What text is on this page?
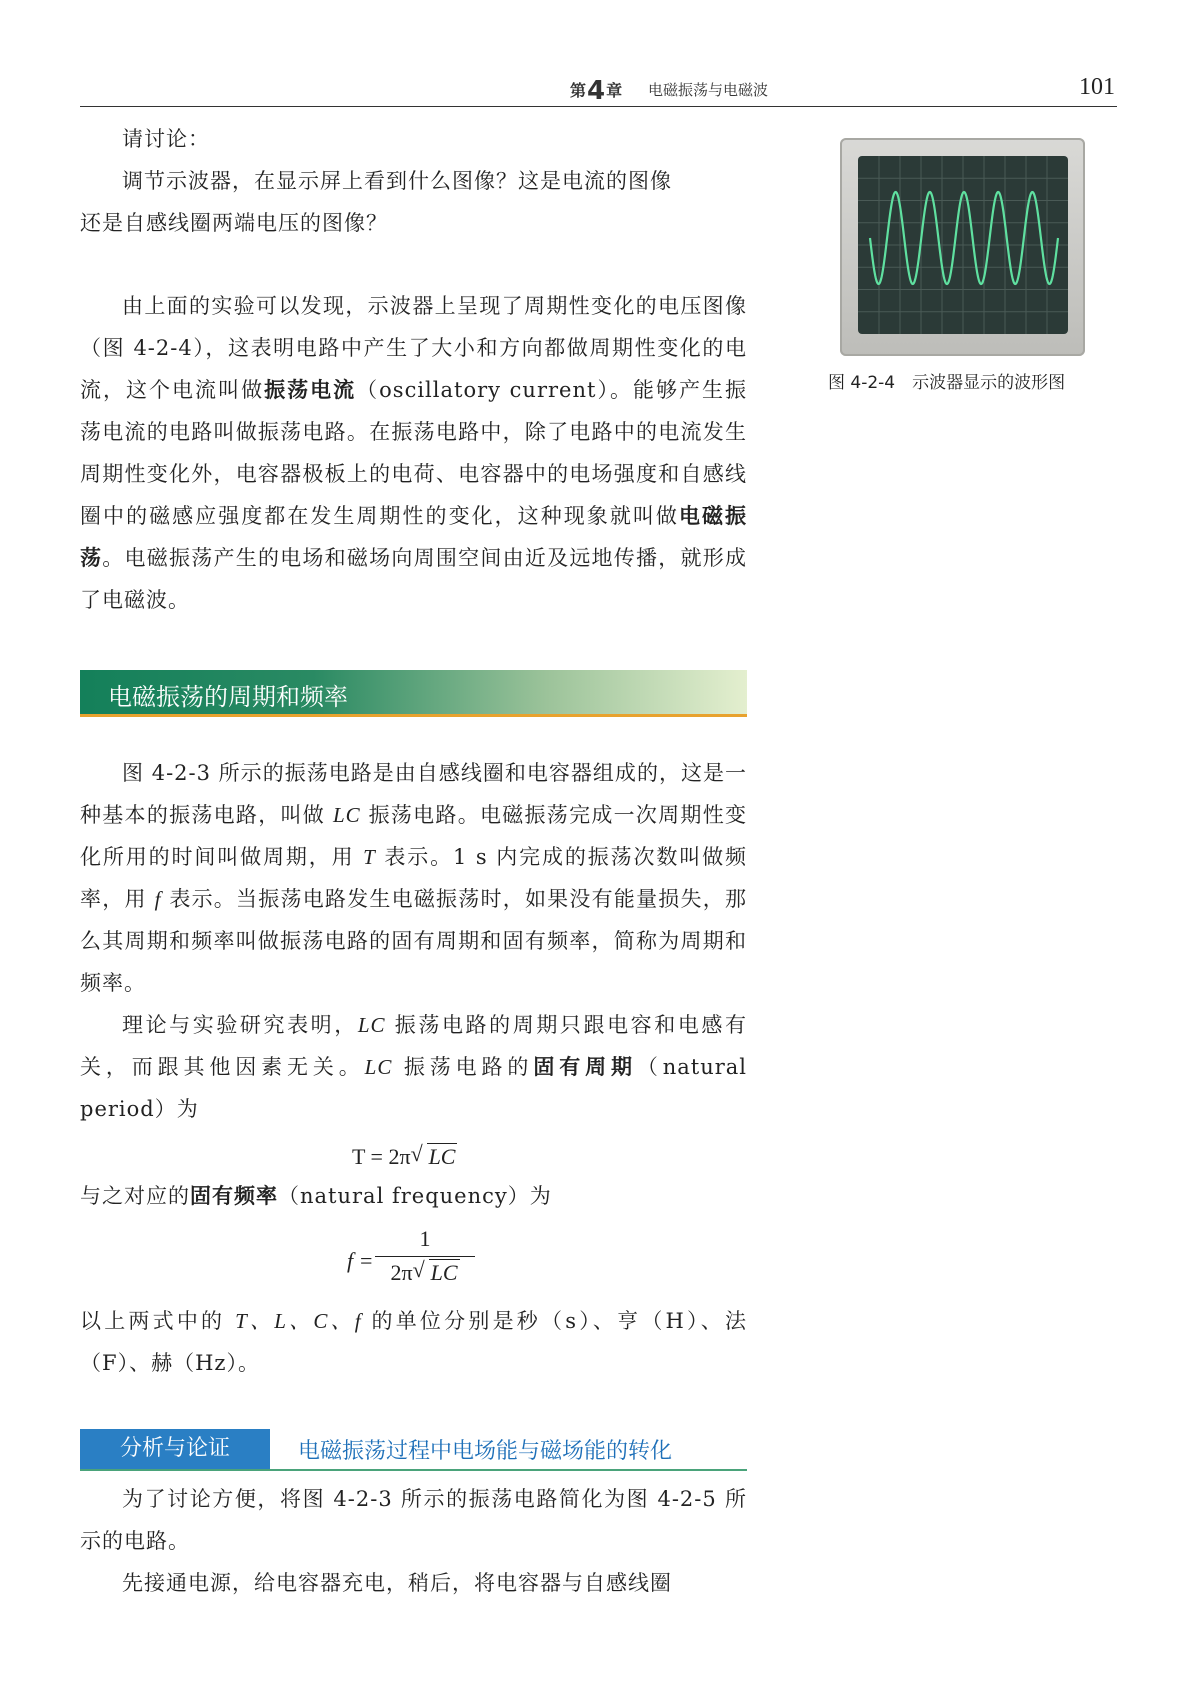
第4章 电磁振荡与电磁波	101

请讨论：

调节示波器，在显示屏上看到什么图像？这是电流的图像

还是自感线圈两端电压的图像？

由上面的实验可以发现，示波器上呈现了周期性变化的电压图像（图 4-2-4），这表明电路中产生了大小和方向都做周期性变化的电流，这个电流叫做振荡电流（oscillatory current）。能够产生振荡电流的电路叫做振荡电路。在振荡电路中，除了电路中的电流发生周期性变化外，电容器极板上的电荷、电容器中的电场强度和自感线圈中的磁感应强度都在发生周期性的变化，这种现象就叫做电磁振荡。电磁振荡产生的电场和磁场向周围空间由近及远地传播，就形成了电磁波。

电磁振荡的周期和频率

图 4-2-3 所示的振荡电路是由自感线圈和电容器组成的，这是一种基本的振荡电路，叫做 LC 振荡电路。电磁振荡完成一次周期性变化所用的时间叫做周期，用 T 表示。1 s 内完成的振荡次数叫做频率，用 f 表示。当振荡电路发生电磁振荡时，如果没有能量损失，那么其周期和频率叫做振荡电路的固有周期和固有频率，简称为周期和频率。

理论与实验研究表明，LC 振荡电路的周期只跟电容和电感有关，而跟其他因素无关。LC 振荡电路的固有周期（natural period）为

T = 2π √ LC

与之对应的固有频率（natural frequency）为

$f = \frac{1}{2\pi √ LC}$

以上两式中的 T、L、C、f 的单位分别是秒（s）、亨（H）、法（F）、赫（Hz）。

分析与论证	电磁振荡过程中电场能与磁场能的转化

为了讨论方便，将图 4-2-3 所示的振荡电路简化为图 4-2-5 所示的电路。

先接通电源，给电容器充电，稍后，将电容器与自感线圈

图 4-2-4　示波器显示的波形图
